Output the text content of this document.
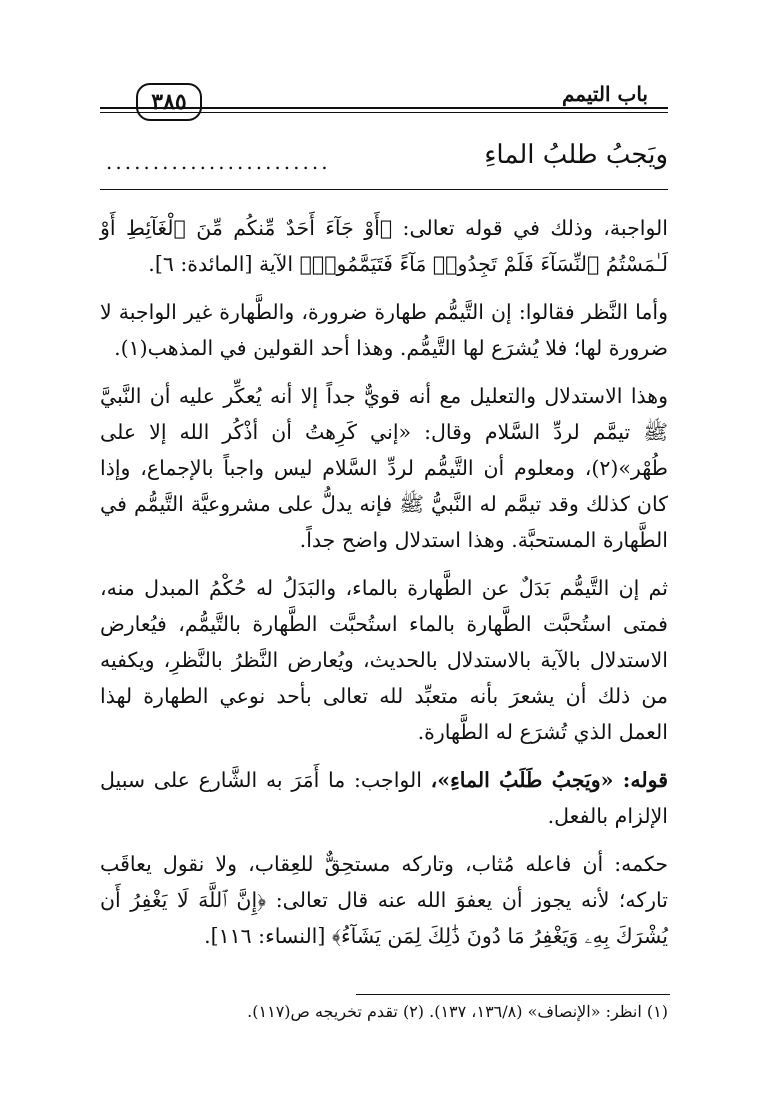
باب التيمم
٣٨٥
ويَجبُ طلبُ الماءِ
........................

الواجبة، وذلك في قوله تعالى: ﴿أَوْ جَآءَ أَحَدٌ مِّنكُم مِّنَ ٱلْغَآئِطِ أَوْ لَـٰمَسْتُمُ ٱلنِّسَآءَ فَلَمْ تَجِدُوا۟ مَآءً فَتَيَمَّمُوا۟﴾ الآية [المائدة: ٦].

وأما النَّظر فقالوا: إن التَّيمُّم طهارة ضرورة، والطَّهارة غير الواجبة لا ضرورة لها؛ فلا يُشرَع لها التَّيمُّم. وهذا أحد القولين في المذهب(١).

وهذا الاستدلال والتعليل مع أنه قويٌّ جداً إلا أنه يُعكِّر عليه أن النَّبيَّ ﷺ تيمَّم لردِّ السَّلام وقال: «إني كَرِهتُ أن أذْكُر الله إلا على طُهْر»(٢)، ومعلوم أن التَّيمُّم لردِّ السَّلام ليس واجباً بالإجماع، وإذا كان كذلك وقد تيمَّم له النَّبيُّ ﷺ فإنه يدلُّ على مشروعيَّة التَّيمُّم في الطَّهارة المستحبَّة. وهذا استدلال واضح جداً.

ثم إن التَّيمُّم بَدَلٌ عن الطَّهارة بالماء، والبَدَلُ له حُكْمُ المبدل منه، فمتى استُحبَّت الطَّهارة بالماء استُحبَّت الطَّهارة بالتَّيمُّم، فيُعارض الاستدلال بالآية بالاستدلال بالحديث، ويُعارض النَّظرُ بالنَّظرِ، ويكفيه من ذلك أن يشعرَ بأنه متعبِّد لله تعالى بأحد نوعي الطهارة لهذا العمل الذي تُشرَع له الطَّهارة.

قوله: «ويَجبُ طَلَبُ الماءِ»، الواجب: ما أَمَرَ به الشَّارع على سبيل الإلزام بالفعل.

حكمه: أن فاعله مُثاب، وتاركه مستحِقٌّ للعِقاب، ولا نقول يعاقَب تاركه؛ لأنه يجوز أن يعفوَ الله عنه قال تعالى: ﴿إِنَّ ٱللَّهَ لَا يَغْفِرُ أَن يُشْرَكَ بِهِۦ وَيَغْفِرُ مَا دُونَ ذَٰلِكَ لِمَن يَشَآءُ﴾ [النساء: ١١٦].

(١) انظر: «الإنصاف» (١٣٦/٨، ١٣٧). (٢) تقدم تخريجه ص(١١٧).
